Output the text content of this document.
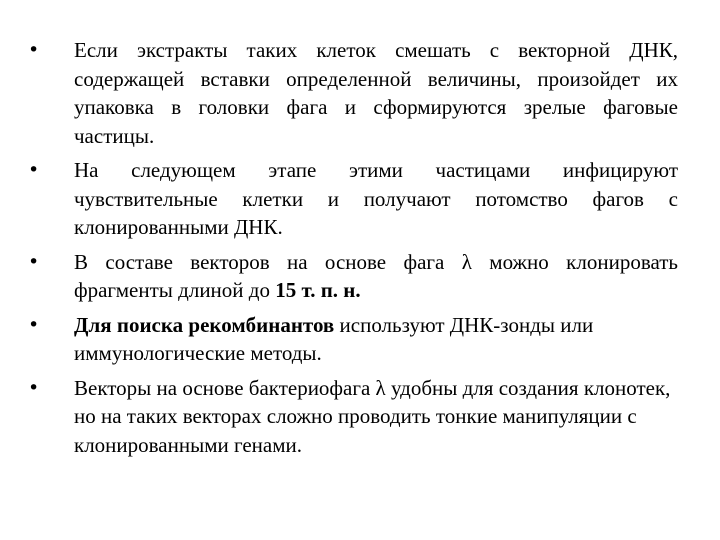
•	Если экстракты таких клеток смешать с векторной ДНК, содержащей вставки определенной величины, произойдет их упаковка в головки фага и сформируются зрелые фаговые частицы.
•	На следующем этапе этими частицами инфицируют чувствительные клетки и получают потомство фагов с клонированными ДНК.
•	В составе векторов на основе фага λ можно клонировать фрагменты длиной до 15 т. п. н.
•	Для поиска рекомбинантов используют ДНК-зонды или иммунологические методы.
•	Векторы на основе бактериофага λ удобны для создания клонотек, но на таких векторах сложно проводить тонкие манипуляции с клонированными генами.
